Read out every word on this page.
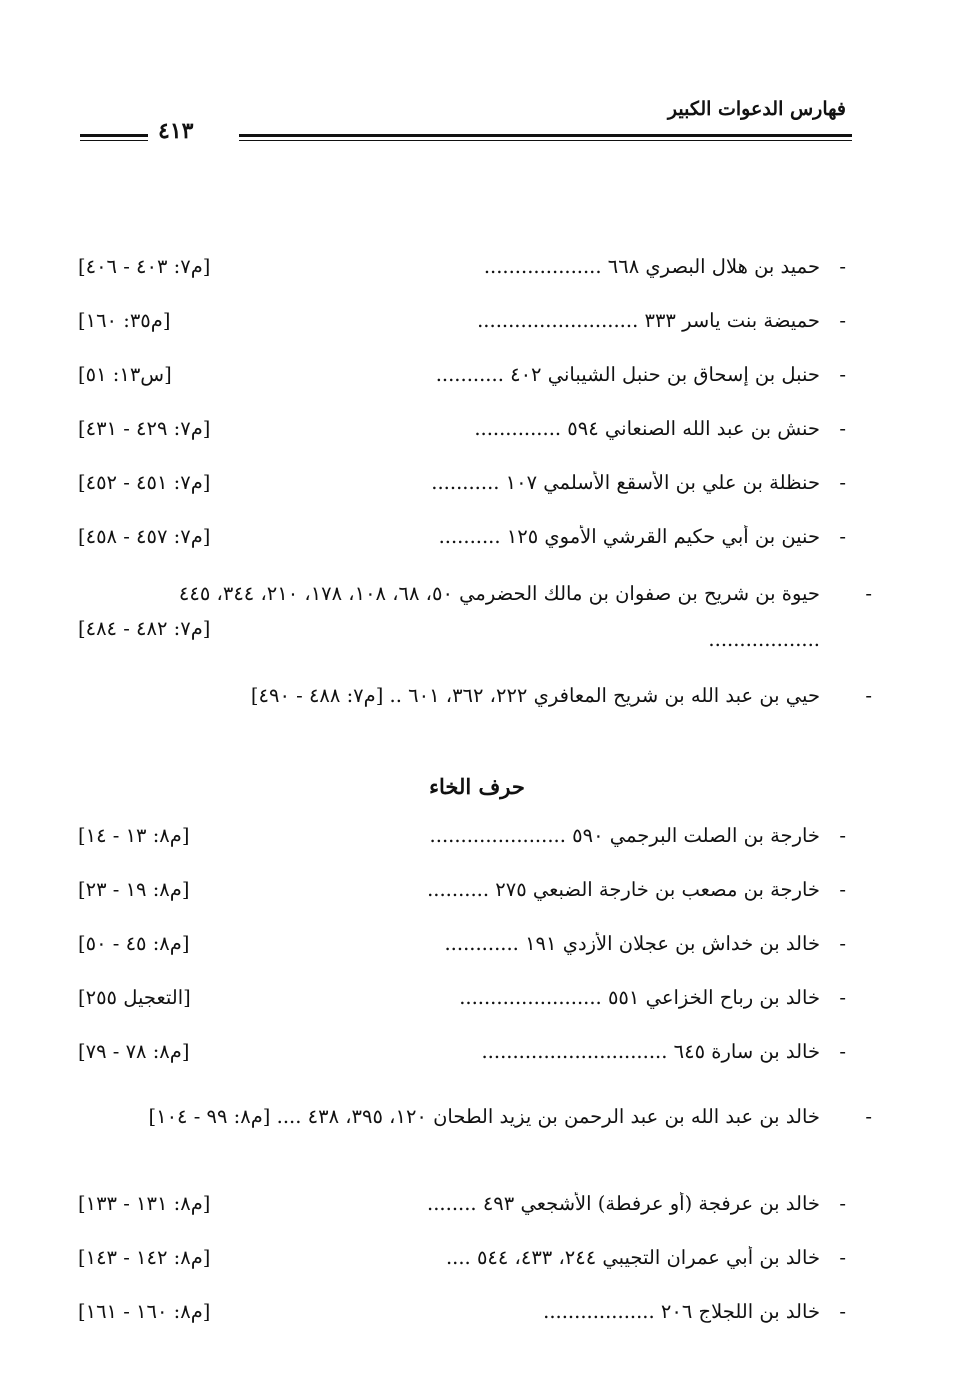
فهارس الدعوات الكبير
٤١٣
-حميد بن هلال البصري ٦٦٨ ...................
[م٧: ٤٠٣ - ٤٠٦]
-حميضة بنت ياسر ٣٣٣ ..........................
[م٣٥: ١٦٠]
-حنبل بن إسحاق بن حنبل الشيباني ٤٠٢ ...........
[س١٣: ٥١]
-حنش بن عبد الله الصنعاني ٥٩٤ ..............
[م٧: ٤٢٩ - ٤٣١]
-حنظلة بن علي بن الأسقع الأسلمي ١٠٧ ...........
[م٧: ٤٥١ - ٤٥٢]
-حنين بن أبي حكيم القرشي الأموي ١٢٥ ..........
[م٧: ٤٥٧ - ٤٥٨]
-حيوة بن شريح بن صفوان بن مالك الحضرمي ٥٠، ٦٨، ١٠٨، ١٧٨، ٢١٠، ٣٤٤، ٤٤٥ ..................
[م٧: ٤٨٢ - ٤٨٤]
-حيي بن عبد الله بن شريح المعافري ٢٢٢، ٣٦٢، ٦٠١ .. [م٧: ٤٨٨ - ٤٩٠]
حرف الخاء
-خارجة بن الصلت البرجمي ٥٩٠ ......................
[م٨: ١٣ - ١٤]
-خارجة بن مصعب بن خارجة الضبعي ٢٧٥ ..........
[م٨: ١٩ - ٢٣]
-خالد بن خداش بن عجلان الأزدي ١٩١ ............
[م٨: ٤٥ - ٥٠]
-خالد بن رباح الخزاعي ٥٥١ .......................
[التعجيل ٢٥٥]
-خالد بن سارة ٦٤٥ ..............................
[م٨: ٧٨ - ٧٩]
-خالد بن عبد الله بن عبد الرحمن بن يزيد الطحان ١٢٠، ٣٩٥، ٤٣٨ .... [م٨: ٩٩ - ١٠٤]
-خالد بن عرفجة (أو عرفطة) الأشجعي ٤٩٣ ........
[م٨: ١٣١ - ١٣٣]
-خالد بن أبي عمران التجيبي ٢٤٤، ٤٣٣، ٥٤٤ ....
[م٨: ١٤٢ - ١٤٣]
-خالد بن اللجلاج ٢٠٦ ..................
[م٨: ١٦٠ - ١٦١]
